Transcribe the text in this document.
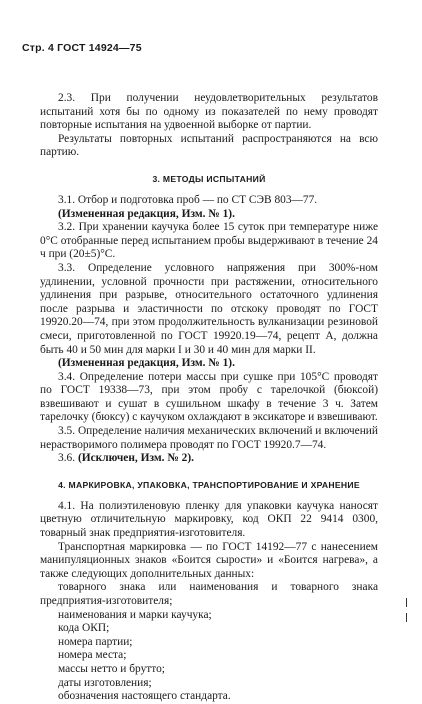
Стр. 4 ГОСТ 14924—75

2.3. При получении неудовлетворительных результатов испытаний хотя бы по одному из показателей по нему проводят повторные испытания на удвоенной выборке от партии.

Результаты повторных испытаний распространяются на всю партию.

3. МЕТОДЫ ИСПЫТАНИЙ

3.1. Отбор и подготовка проб — по СТ СЭВ 803—77.

(Измененная редакция, Изм. № 1).

3.2. При хранении каучука более 15 суток при температуре ниже 0°С отобранные перед испытанием пробы выдерживают в течение 24 ч при (20±5)°С.

3.3. Определение условного напряжения при 300%-ном удлинении, условной прочности при растяжении, относительного удлинения при разрыве, относительного остаточного удлинения после разрыва и эластичности по отскоку проводят по ГОСТ 19920.20—74, при этом продолжительность вулканизации резиновой смеси, приготовленной по ГОСТ 19920.19—74, рецепт А, должна быть 40 и 50 мин для марки I и 30 и 40 мин для марки II.

(Измененная редакция, Изм. № 1).

3.4. Определение потери массы при сушке при 105°С проводят по ГОСТ 19338—73, при этом пробу с тарелочкой (бюксой) взвешивают и сушат в сушильном шкафу в течение 3 ч. Затем тарелочку (бюксу) с каучуком охлаждают в эксикаторе и взвешивают.

3.5. Определение наличия механических включений и включений нерастворимого полимера проводят по ГОСТ 19920.7—74.

3.6. (Исключен, Изм. № 2).

4. МАРКИРОВКА, УПАКОВКА, ТРАНСПОРТИРОВАНИЕ И ХРАНЕНИЕ

4.1. На полиэтиленовую пленку для упаковки каучука наносят цветную отличительную маркировку, код ОКП 22 9414 0300, товарный знак предприятия-изготовителя.

Транспортная маркировка — по ГОСТ 14192—77 с нанесением манипуляционных знаков «Боится сырости» и «Боится нагрева», а также следующих дополнительных данных:

товарного знака или наименования и товарного знака предприятия-изготовителя;

наименования и марки каучука;

кода ОКП;

номера партии;

номера места;

массы нетто и брутто;

даты изготовления;

обозначения настоящего стандарта.
